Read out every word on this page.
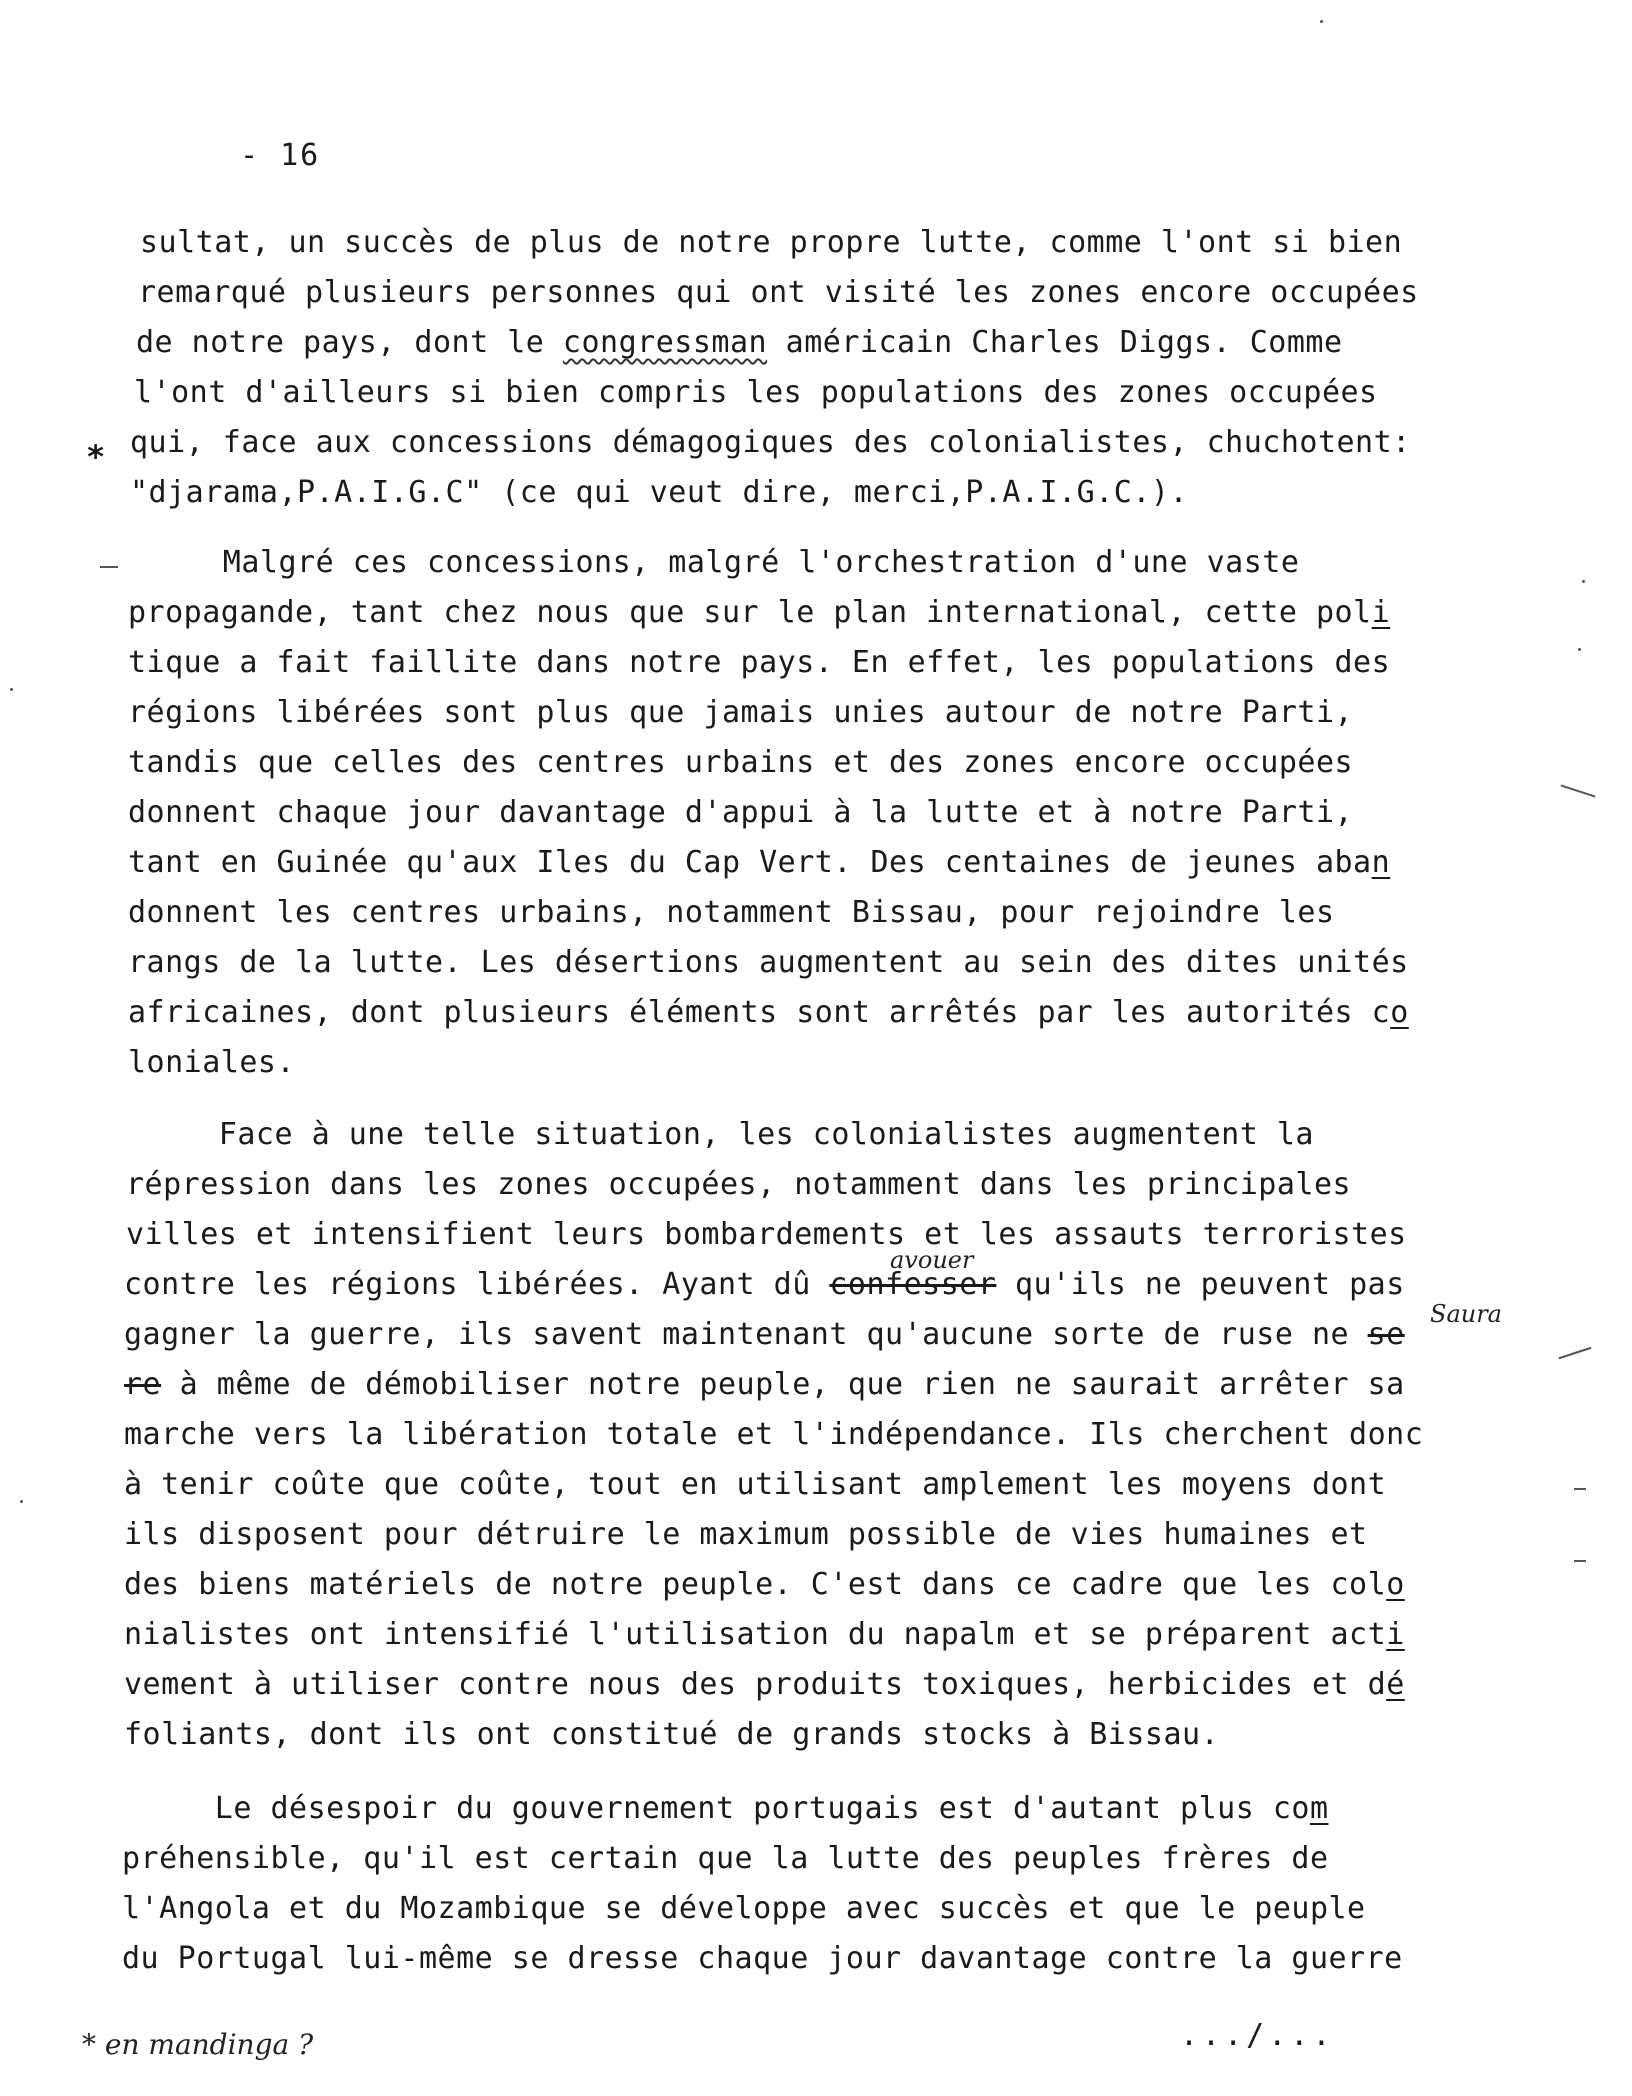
- 16
sultat, un succès de plus de notre propre lutte, comme l'ont si bien
remarqué plusieurs personnes qui ont visité les zones encore occupées
de notre pays, dont le congressman américain Charles Diggs. Comme
l'ont d'ailleurs si bien compris les populations des zones occupées
qui, face aux concessions démagogiques des colonialistes, chuchotent:
"djarama,P.A.I.G.C" (ce qui veut dire, merci,P.A.I.G.C.).
Malgré ces concessions, malgré l'orchestration d'une vaste
propagande, tant chez nous que sur le plan international, cette poli
tique a fait faillite dans notre pays. En effet, les populations des
régions libérées sont plus que jamais unies autour de notre Parti,
tandis que celles des centres urbains et des zones encore occupées
donnent chaque jour davantage d'appui à la lutte et à notre Parti,
tant en Guinée qu'aux Iles du Cap Vert. Des centaines de jeunes aban
donnent les centres urbains, notamment Bissau, pour rejoindre les
rangs de la lutte. Les désertions augmentent au sein des dites unités
africaines, dont plusieurs éléments sont arrêtés par les autorités co
loniales.
Face à une telle situation, les colonialistes augmentent la
répression dans les zones occupées, notamment dans les principales
villes et intensifient leurs bombardements et les assauts terroristes
contre les régions libérées. Ayant dû confesser qu'ils ne peuvent pas
gagner la guerre, ils savent maintenant qu'aucune sorte de ruse ne se
re à même de démobiliser notre peuple, que rien ne saurait arrêter sa
marche vers la libération totale et l'indépendance. Ils cherchent donc
à tenir coûte que coûte, tout en utilisant amplement les moyens dont
ils disposent pour détruire le maximum possible de vies humaines et
des biens matériels de notre peuple. C'est dans ce cadre que les colo
nialistes ont intensifié l'utilisation du napalm et se préparent acti
vement à utiliser contre nous des produits toxiques, herbicides et dé
foliants, dont ils ont constitué de grands stocks à Bissau.
Le désespoir du gouvernement portugais est d'autant plus com
préhensible, qu'il est certain que la lutte des peuples frères de
l'Angola et du Mozambique se développe avec succès et que le peuple
du Portugal lui-même se dresse chaque jour davantage contre la guerre
*
avouer
Saura
* en mandinga ?	.../...
